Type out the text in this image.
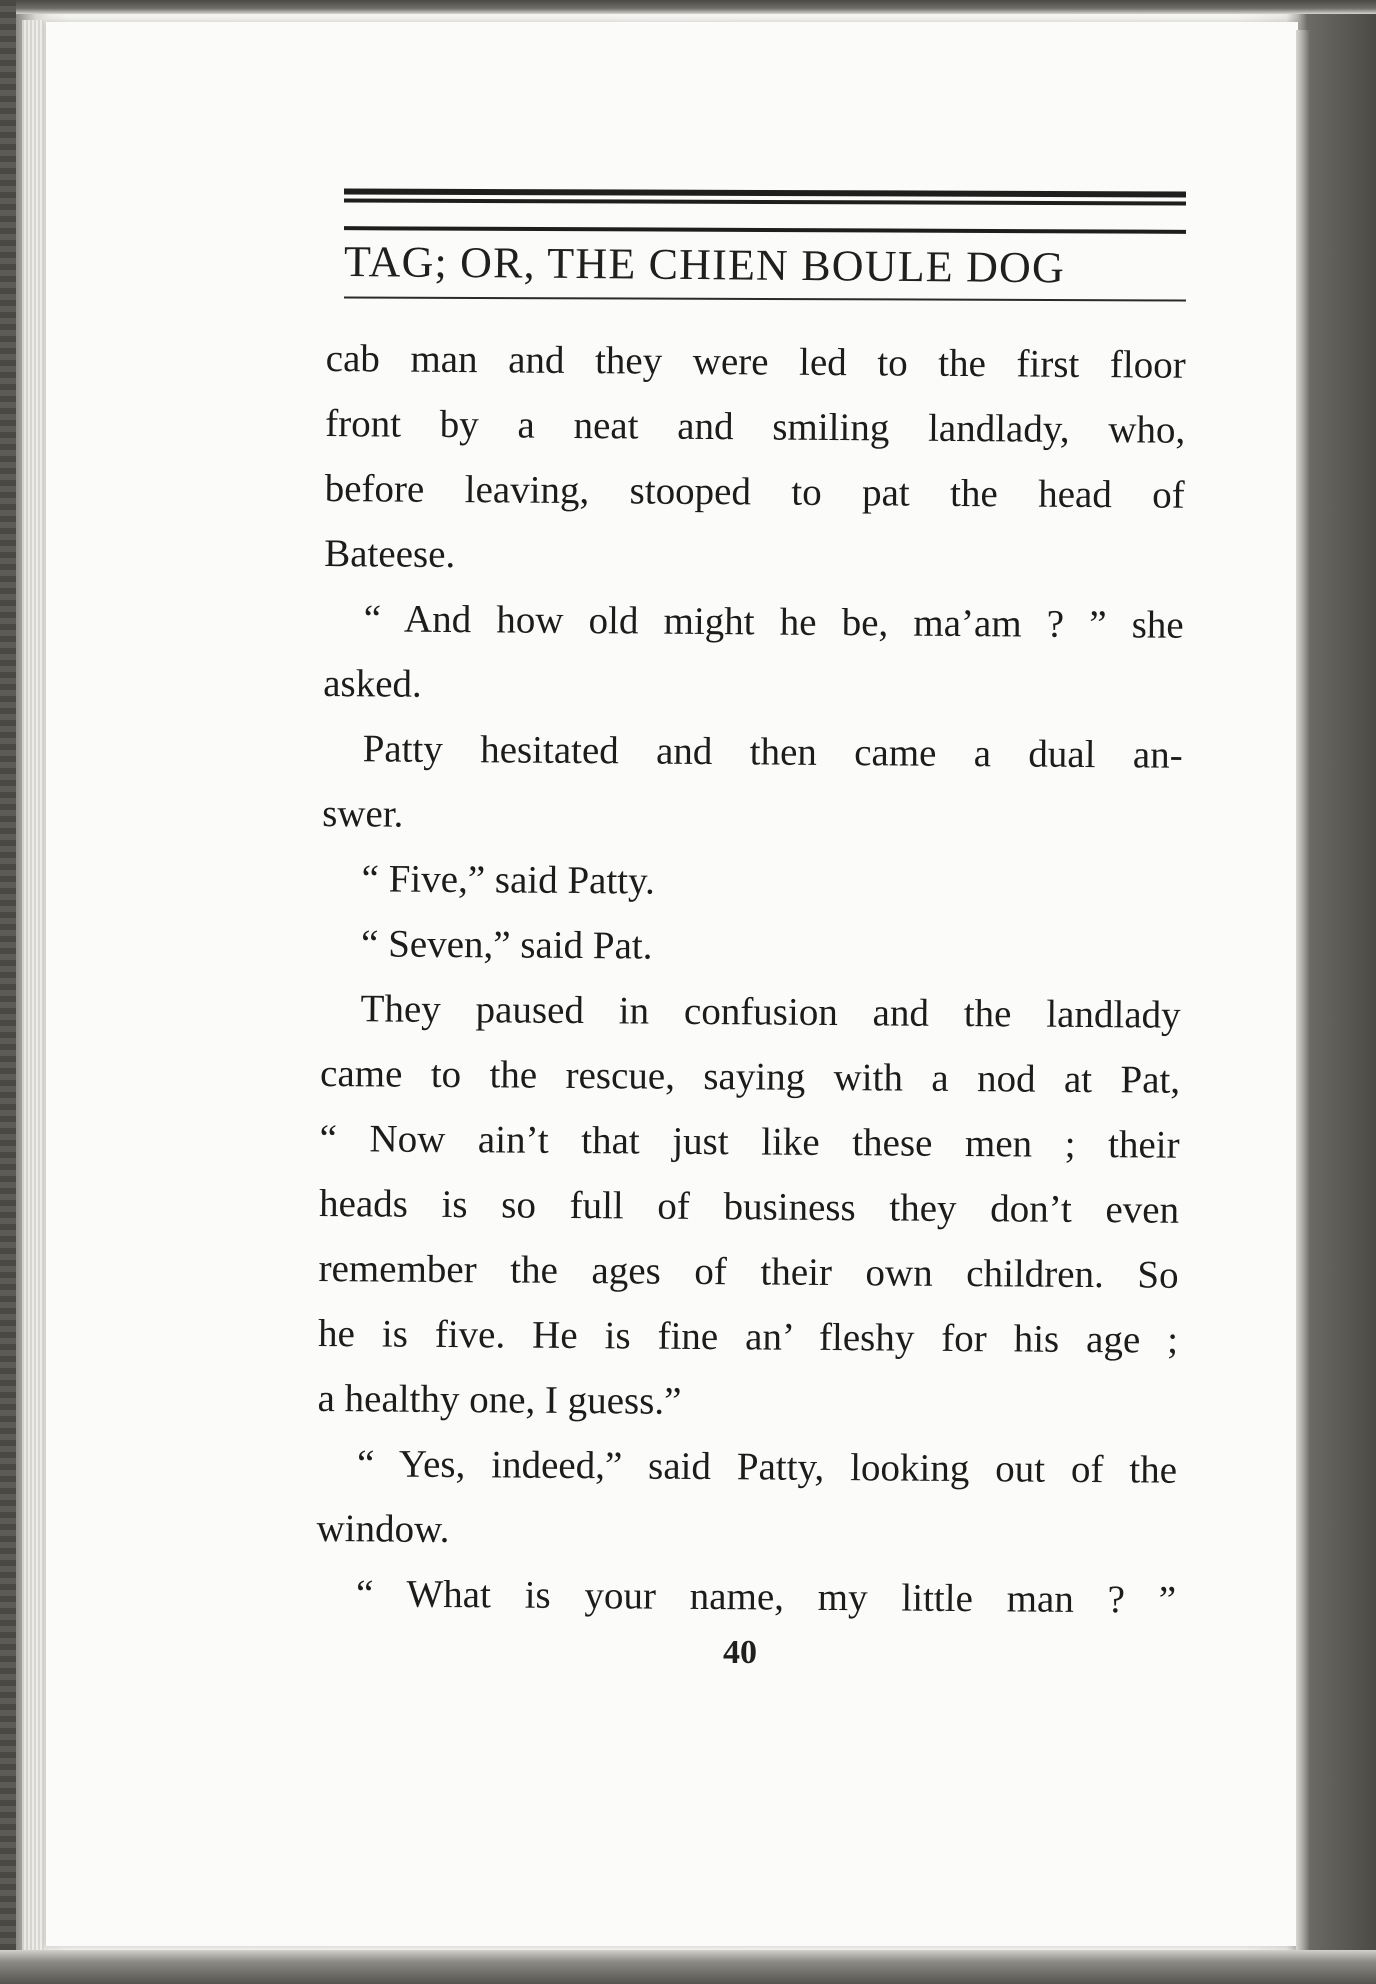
TAG; OR, THE CHIEN BOULE DOG
cab man and they were led to the first floor
front by a neat and smiling landlady, who,
before leaving, stooped to pat the head of
Bateese.
“ And how old might he be, ma’am ? ” she
asked.
Patty hesitated and then came a dual an-
swer.
“ Five,” said Patty.
“ Seven,” said Pat.
They paused in confusion and the landlady
came to the rescue, saying with a nod at Pat,
“ Now ain’t that just like these men ; their
heads is so full of business they don’t even
remember the ages of their own children. So
he is five. He is fine an’ fleshy for his age ;
a healthy one, I guess.”
“ Yes, indeed,” said Patty, looking out of the
window.
“ What is your name, my little man ? ”
40
